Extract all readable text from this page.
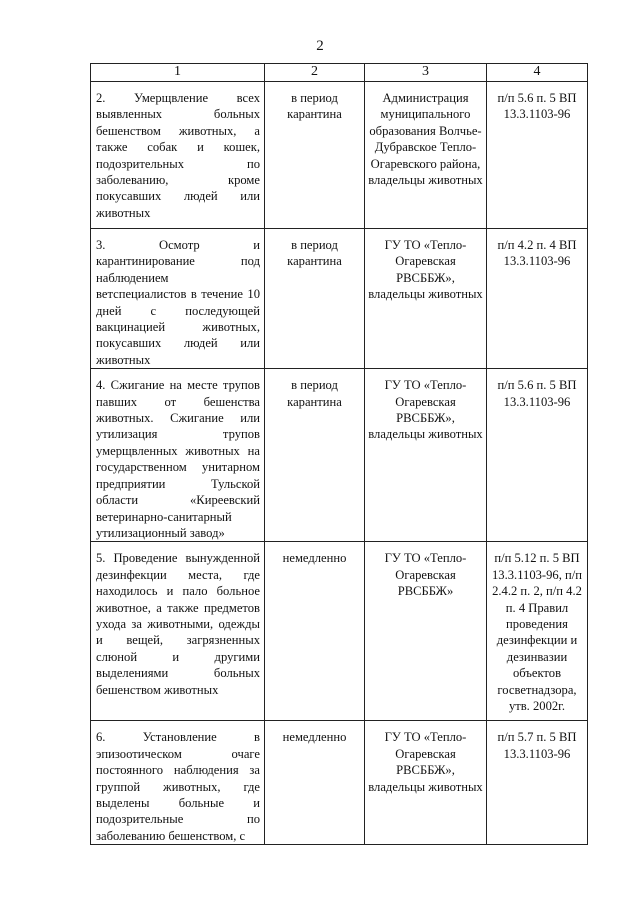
2
1	2	3	4
2. Умерщвление всех выявленных больных бешенством животных, а также собак и кошек, подозрительных по заболеванию, кроме покусавших людей или животных	в период карантина	Администрация муниципального образования Волчье-Дубравское Тепло-Огаревского района, владельцы животных	п/п 5.6 п. 5 ВП 13.3.1103-96
3. Осмотр и карантинирование под наблюдением ветспециалистов в течение 10 дней с последующей вакцинацией животных, покусавших людей или животных	в период карантина	ГУ ТО «Тепло-Огаревская РВСББЖ», владельцы животных	п/п 4.2 п. 4 ВП 13.3.1103-96
4. Сжигание на месте трупов павших от бешенства животных. Сжигание или утилизация трупов умерщвленных животных на государственном унитарном предприятии Тульской области «Киреевский ветеринарно-санитарный утилизационный завод»	в период карантина	ГУ ТО «Тепло-Огаревская РВСББЖ», владельцы животных	п/п 5.6 п. 5 ВП 13.3.1103-96
5. Проведение вынужденной дезинфекции места, где находилось и пало больное животное, а также предметов ухода за животными, одежды и вещей, загрязненных слюной и другими выделениями больных бешенством животных	немедленно	ГУ ТО «Тепло-Огаревская РВСББЖ»	п/п 5.12 п. 5 ВП 13.3.1103-96, п/п 2.4.2 п. 2, п/п 4.2 п. 4 Правил проведения дезинфекции и дезинвазии объектов госветнадзора, утв. 2002г.
6. Установление в эпизоотическом очаге постоянного наблюдения за группой животных, где выделены больные и подозрительные по заболеванию бешенством, с	немедленно	ГУ ТО «Тепло-Огаревская РВСББЖ», владельцы животных	п/п 5.7 п. 5 ВП 13.3.1103-96
